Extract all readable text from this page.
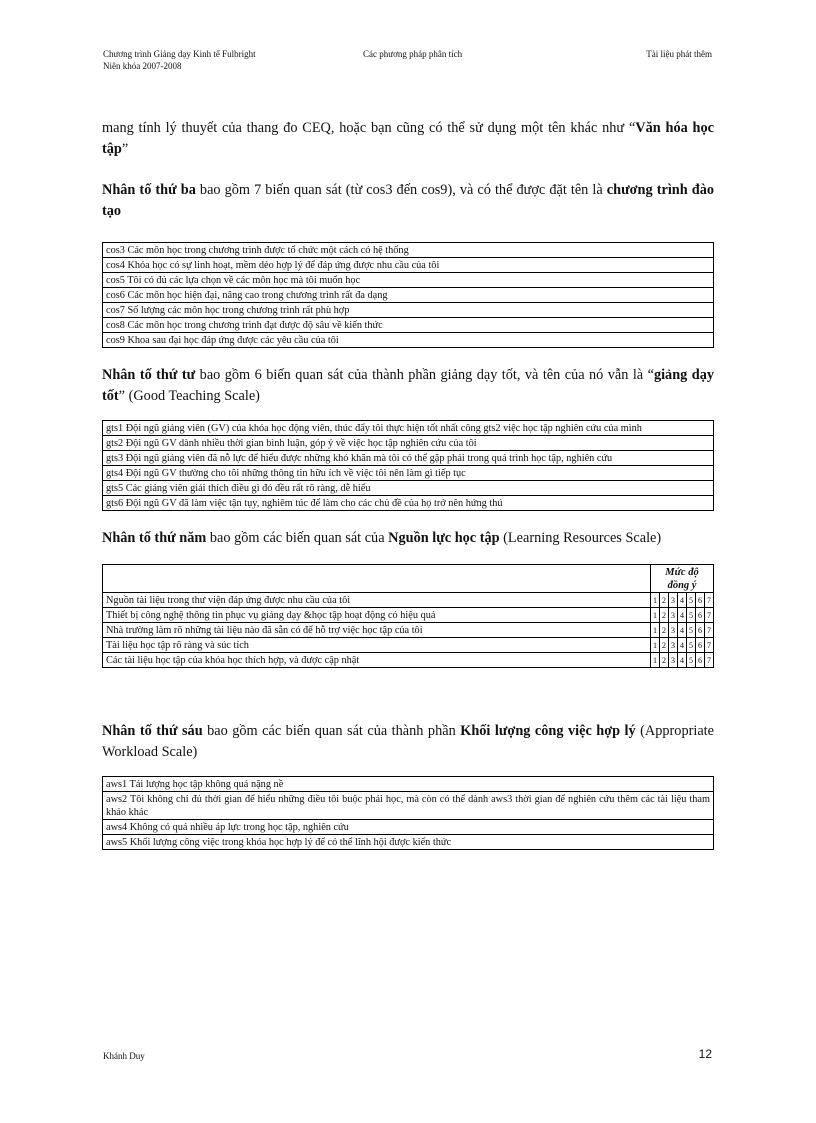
Chương trình Giảng dạy Kinh tế Fulbright
Niên khóa 2007-2008
Các phương pháp phân tích	Tài liệu phát thêm

mang tính lý thuyết của thang đo CEQ, hoặc bạn cũng có thể sử dụng một tên khác như “Văn hóa học tập”

Nhân tố thứ ba bao gồm 7 biến quan sát (từ cos3 đến cos9), và có thể được đặt tên là chương trình đào tạo

cos3 Các môn học trong chương trình được tổ chức một cách có hệ thống
cos4 Khóa học có sự linh hoạt, mềm dẻo hợp lý để đáp ứng được nhu cầu của tôi
cos5 Tôi có đủ các lựa chọn về các môn học mà tôi muốn học
cos6 Các môn học hiện đại, nâng cao trong chương trình rất đa dạng
cos7 Số lượng các môn học trong chương trình rất phù hợp
cos8 Các môn học trong chương trình đạt được độ sâu về kiến thức
cos9 Khoa sau đại học đáp ứng được các yêu cầu của tôi

Nhân tố thứ tư bao gồm 6 biến quan sát của thành phần giảng dạy tốt, và tên của nó vẫn là “giảng dạy tốt” (Good Teaching Scale)

gts1 Đội ngũ giảng viên (GV) của khóa học động viên, thúc đẩy tôi thực hiện tốt nhất công gts2 việc học tập nghiên cứu của mình
gts2 Đội ngũ GV dành nhiều thời gian bình luận, góp ý về việc học tập nghiên cứu của tôi
gts3 Đội ngũ giảng viên đã nỗ lực để hiểu được những khó khăn mà tôi có thể gặp phải trong quá trình học tập, nghiên cứu
gts4 Đội ngũ GV thường cho tôi những thông tin hữu ích về việc tôi nên làm gì tiếp tục
gts5 Các giảng viên giải thích điều gì đó đều rất rõ ràng, dễ hiểu
gts6 Đội ngũ GV đã làm việc tận tụy, nghiêm túc để làm cho các chủ đề của họ trở nên hứng thú

Nhân tố thứ năm bao gồm các biến quan sát của Nguồn lực học tập (Learning Resources Scale)

	Mức độ đồng ý						
Nguồn tài liệu trong thư viện đáp ứng được nhu cầu của tôi	1	2	3	4	5	6	7
Thiết bị công nghệ thông tin phục vụ giảng dạy &học tập hoạt động có hiệu quả	1	2	3	4	5	6	7
Nhà trường làm rõ những tài liệu nào đã sẵn có để hỗ trợ việc học tập của tôi	1	2	3	4	5	6	7
Tài liệu học tập rõ ràng và súc tích	1	2	3	4	5	6	7
Các tài liệu học tập của khóa học thích hợp, và được cập nhật	1	2	3	4	5	6	7

Nhân tố thứ sáu bao gồm các biến quan sát của thành phần Khối lượng công việc hợp lý (Appropriate Workload Scale)

aws1 Tải lượng học tập không quá nặng nề
aws2 Tôi không chỉ đủ thời gian để hiểu những điều tôi buộc phải học, mà còn có thể dành aws3 thời gian để nghiên cứu thêm các tài liệu tham khảo khác
aws4 Không có quá nhiều áp lực trong học tập, nghiên cứu
aws5 Khối lượng công việc trong khóa học hợp lý để có thể lĩnh hội được kiến thức
Khánh Duy	12
